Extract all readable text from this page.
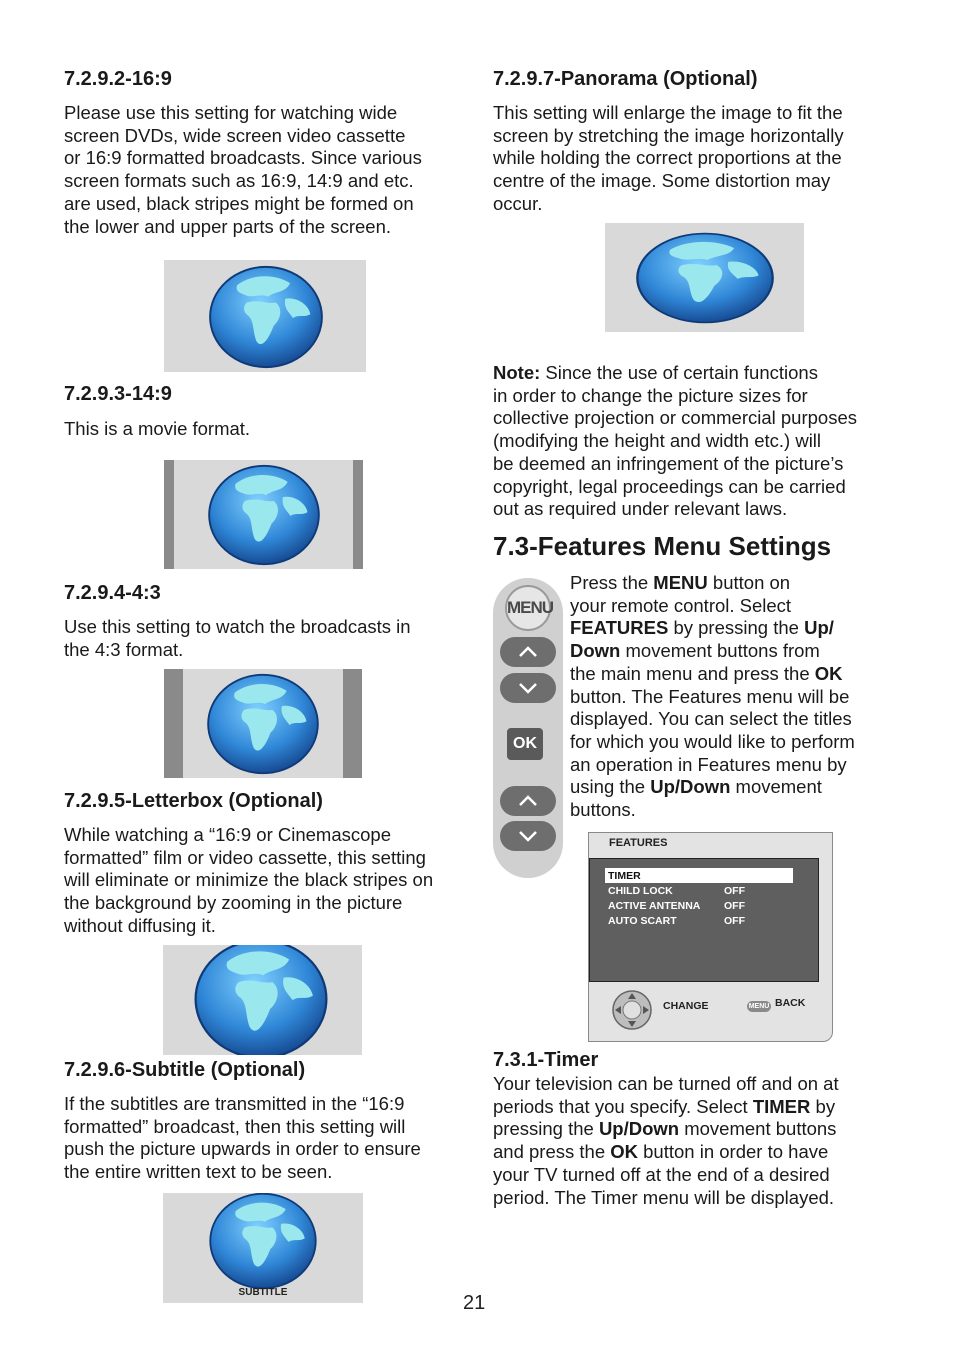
7.2.9.2-16:9

Please use this setting for watching wide

screen DVDs, wide screen video cassette

or 16:9 formatted broadcasts. Since various

screen formats such as 16:9, 14:9 and etc.

are used, black stripes might be formed on

the lower and upper parts of the screen.

7.2.9.3-14:9

This is a movie format.

7.2.9.4-4:3

Use this setting to watch the broadcasts in

the 4:3 format.

7.2.9.5-Letterbox (Optional)

While watching a “16:9 or Cinemascope

formatted” film or video cassette, this setting

will eliminate or minimize the black stripes on

the background by zooming in the picture

without diffusing it.

7.2.9.6-Subtitle (Optional)

If the subtitles are transmitted in the “16:9

formatted” broadcast, then this setting will

push the picture upwards in order to ensure

the entire written text to be seen.

SUBTITLE
7.2.9.7-Panorama (Optional)

This setting will enlarge the image to fit the

screen by stretching the image horizontally

while holding the correct proportions at the

centre of the image. Some distortion may

occur.

Note: Since the use of certain functions

in order to change the picture sizes for

collective projection or commercial purposes

(modifying the height and width etc.) will

be deemed an infringement of the picture’s

copyright, legal proceedings can be carried

out as required under relevant laws.

7.3-Features Menu Settings
MENU
OK

Press the MENU button on

your remote control. Select

FEATURES by pressing the Up/

Down movement buttons from

the main menu and press the OK

button. The Features menu will be

displayed. You can select the titles

for which you would like to perform

an operation in Features menu by

using the Up/Down movement

buttons.

FEATURES
TIMER
CHILD LOCK	OFF
ACTIVE ANTENNA OFF
AUTO SCART	OFF
CHANGE	MENU BACK
7.3.1-Timer

Your television can be turned off and on at

periods that you specify. Select TIMER by

pressing the Up/Down movement buttons

and press the OK button in order to have

your TV turned off at the end of a desired

period. The Timer menu will be displayed.

21
